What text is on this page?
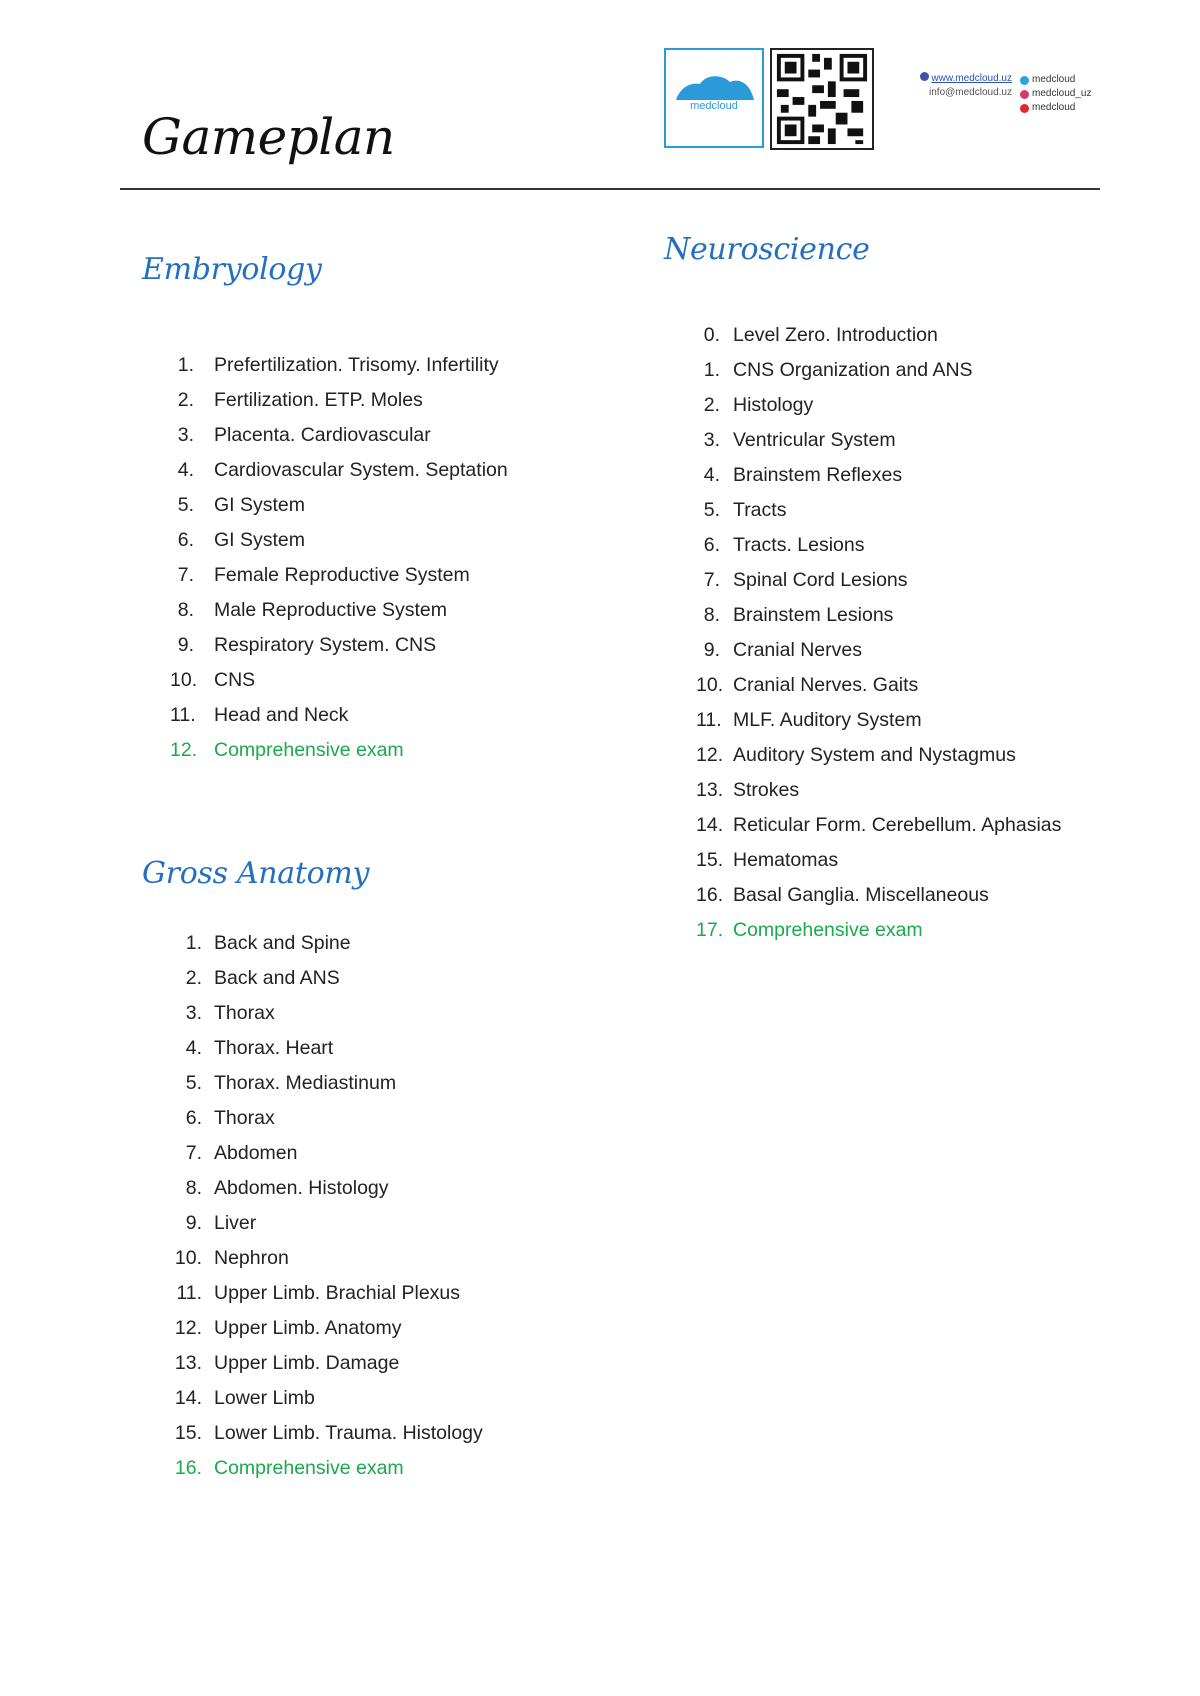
Gameplan
medcloud
www.medcloud.uz
info@medcloud.uz
medcloud
medcloud_uz
medcloud
Embryology
1. Prefertilization. Trisomy. Infertility
2. Fertilization. ETP. Moles
3. Placenta. Cardiovascular
4. Cardiovascular System. Septation
5. GI System
6. GI System
7. Female Reproductive System
8. Male Reproductive System
9. Respiratory System. CNS
10. CNS
11. Head and Neck
12. Comprehensive exam
Gross Anatomy
1. Back and Spine
2. Back and ANS
3. Thorax
4. Thorax. Heart
5. Thorax. Mediastinum
6. Thorax
7. Abdomen
8. Abdomen. Histology
9. Liver
10. Nephron
11. Upper Limb. Brachial Plexus
12. Upper Limb. Anatomy
13. Upper Limb. Damage
14. Lower Limb
15. Lower Limb. Trauma. Histology
16. Comprehensive exam
Neuroscience
0. Level Zero. Introduction
1. CNS Organization and ANS
2. Histology
3. Ventricular System
4. Brainstem Reflexes
5. Tracts
6. Tracts. Lesions
7. Spinal Cord Lesions
8. Brainstem Lesions
9. Cranial Nerves
10. Cranial Nerves. Gaits
11. MLF. Auditory System
12. Auditory System and Nystagmus
13. Strokes
14. Reticular Form. Cerebellum. Aphasias
15. Hematomas
16. Basal Ganglia. Miscellaneous
17. Comprehensive exam
